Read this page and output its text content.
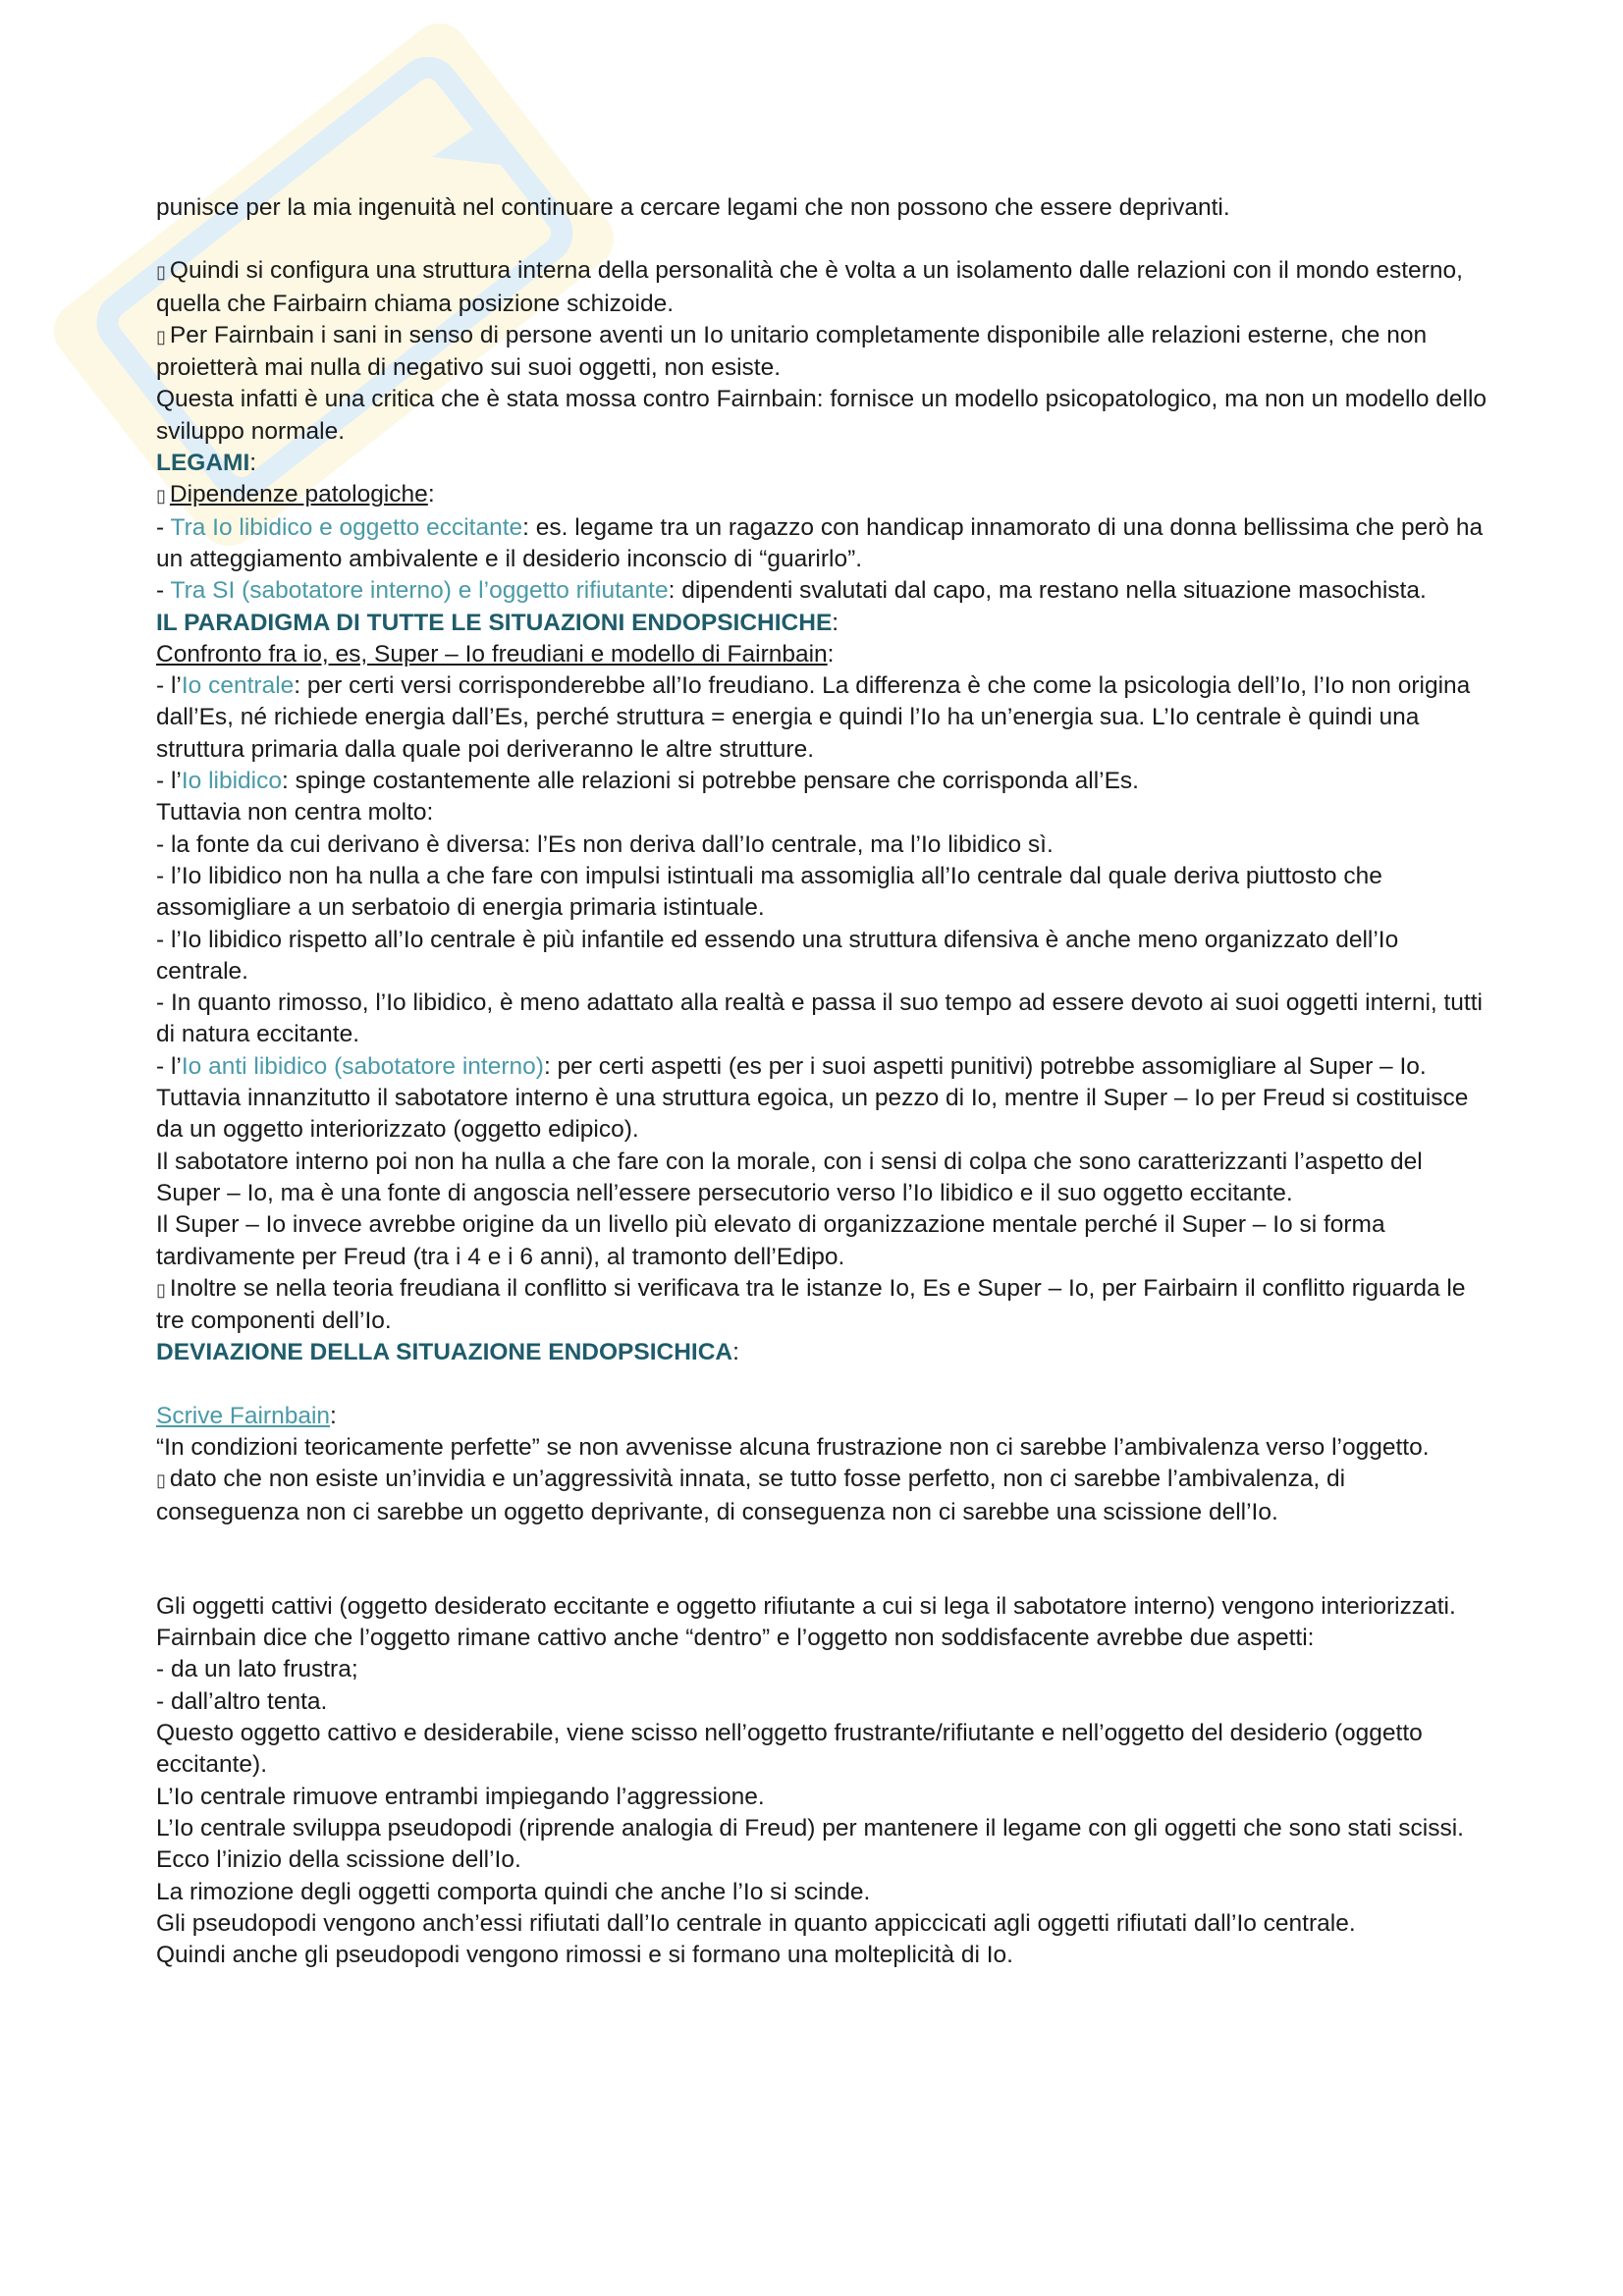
punisce per la mia ingenuità nel continuare a cercare legami che non possono che essere deprivanti.

▯ Quindi si configura una struttura interna della personalità che è volta a un isolamento dalle relazioni con il mondo esterno, quella che Fairbairn chiama posizione schizoide.

▯ Per Fairnbain i sani in senso di persone aventi un Io unitario completamente disponibile alle relazioni esterne, che non proietterà mai nulla di negativo sui suoi oggetti, non esiste.

Questa infatti è una critica che è stata mossa contro Fairnbain: fornisce un modello psicopatologico, ma non un modello dello sviluppo normale.

LEGAMI:

▯ Dipendenze patologiche:

- Tra Io libidico e oggetto eccitante: es. legame tra un ragazzo con handicap innamorato di una donna bellissima che però ha un atteggiamento ambivalente e il desiderio inconscio di “guarirlo”.

- Tra SI (sabotatore interno) e l’oggetto rifiutante: dipendenti svalutati dal capo, ma restano nella situazione masochista.

IL PARADIGMA DI TUTTE LE SITUAZIONI ENDOPSICHICHE:

Confronto fra io, es, Super – Io freudiani e modello di Fairnbain:

- l’Io centrale: per certi versi corrisponderebbe all’Io freudiano. La differenza è che come la psicologia dell’Io, l’Io non origina dall’Es, né richiede energia dall’Es, perché struttura = energia e quindi l’Io ha un’energia sua. L’Io centrale è quindi una struttura primaria dalla quale poi deriveranno le altre strutture.

- l’Io libidico: spinge costantemente alle relazioni si potrebbe pensare che corrisponda all’Es.

Tuttavia non centra molto:

- la fonte da cui derivano è diversa: l’Es non deriva dall’Io centrale, ma l’Io libidico sì.

- l’Io libidico non ha nulla a che fare con impulsi istintuali ma assomiglia all’Io centrale dal quale deriva piuttosto che assomigliare a un serbatoio di energia primaria istintuale.

- l’Io libidico rispetto all’Io centrale è più infantile ed essendo una struttura difensiva è anche meno organizzato dell’Io centrale.

- In quanto rimosso, l’Io libidico, è meno adattato alla realtà e passa il suo tempo ad essere devoto ai suoi oggetti interni, tutti di natura eccitante.

- l’Io anti libidico (sabotatore interno): per certi aspetti (es per i suoi aspetti punitivi) potrebbe assomigliare al Super – Io. Tuttavia innanzitutto il sabotatore interno è una struttura egoica, un pezzo di Io, mentre il Super – Io per Freud si costituisce da un oggetto interiorizzato (oggetto edipico).

Il sabotatore interno poi non ha nulla a che fare con la morale, con i sensi di colpa che sono caratterizzanti l’aspetto del Super – Io, ma è una fonte di angoscia nell’essere persecutorio verso l’Io libidico e il suo oggetto eccitante.

Il Super – Io invece avrebbe origine da un livello più elevato di organizzazione mentale perché il Super – Io si forma tardivamente per Freud (tra i 4 e i 6 anni), al tramonto dell’Edipo.

▯ Inoltre se nella teoria freudiana il conflitto si verificava tra le istanze Io, Es e Super – Io, per Fairbairn il conflitto riguarda le tre componenti dell’Io.

DEVIAZIONE DELLA SITUAZIONE ENDOPSICHICA:

Scrive Fairnbain:

“In condizioni teoricamente perfette” se non avvenisse alcuna frustrazione non ci sarebbe l’ambivalenza verso l’oggetto.

▯ dato che non esiste un’invidia e un’aggressività innata, se tutto fosse perfetto, non ci sarebbe l’ambivalenza, di conseguenza non ci sarebbe un oggetto deprivante, di conseguenza non ci sarebbe una scissione dell’Io.

Gli oggetti cattivi (oggetto desiderato eccitante e oggetto rifiutante a cui si lega il sabotatore interno) vengono interiorizzati.

Fairnbain dice che l’oggetto rimane cattivo anche “dentro” e l’oggetto non soddisfacente avrebbe due aspetti:

- da un lato frustra;

- dall’altro tenta.

Questo oggetto cattivo e desiderabile, viene scisso nell’oggetto frustrante/rifiutante e nell’oggetto del desiderio (oggetto eccitante).

L’Io centrale rimuove entrambi impiegando l’aggressione.

L’Io centrale sviluppa pseudopodi (riprende analogia di Freud) per mantenere il legame con gli oggetti che sono stati scissi. Ecco l’inizio della scissione dell’Io.

La rimozione degli oggetti comporta quindi che anche l’Io si scinde.

Gli pseudopodi vengono anch’essi rifiutati dall’Io centrale in quanto appiccicati agli oggetti rifiutati dall’Io centrale.

Quindi anche gli pseudopodi vengono rimossi e si formano una molteplicità di Io.
